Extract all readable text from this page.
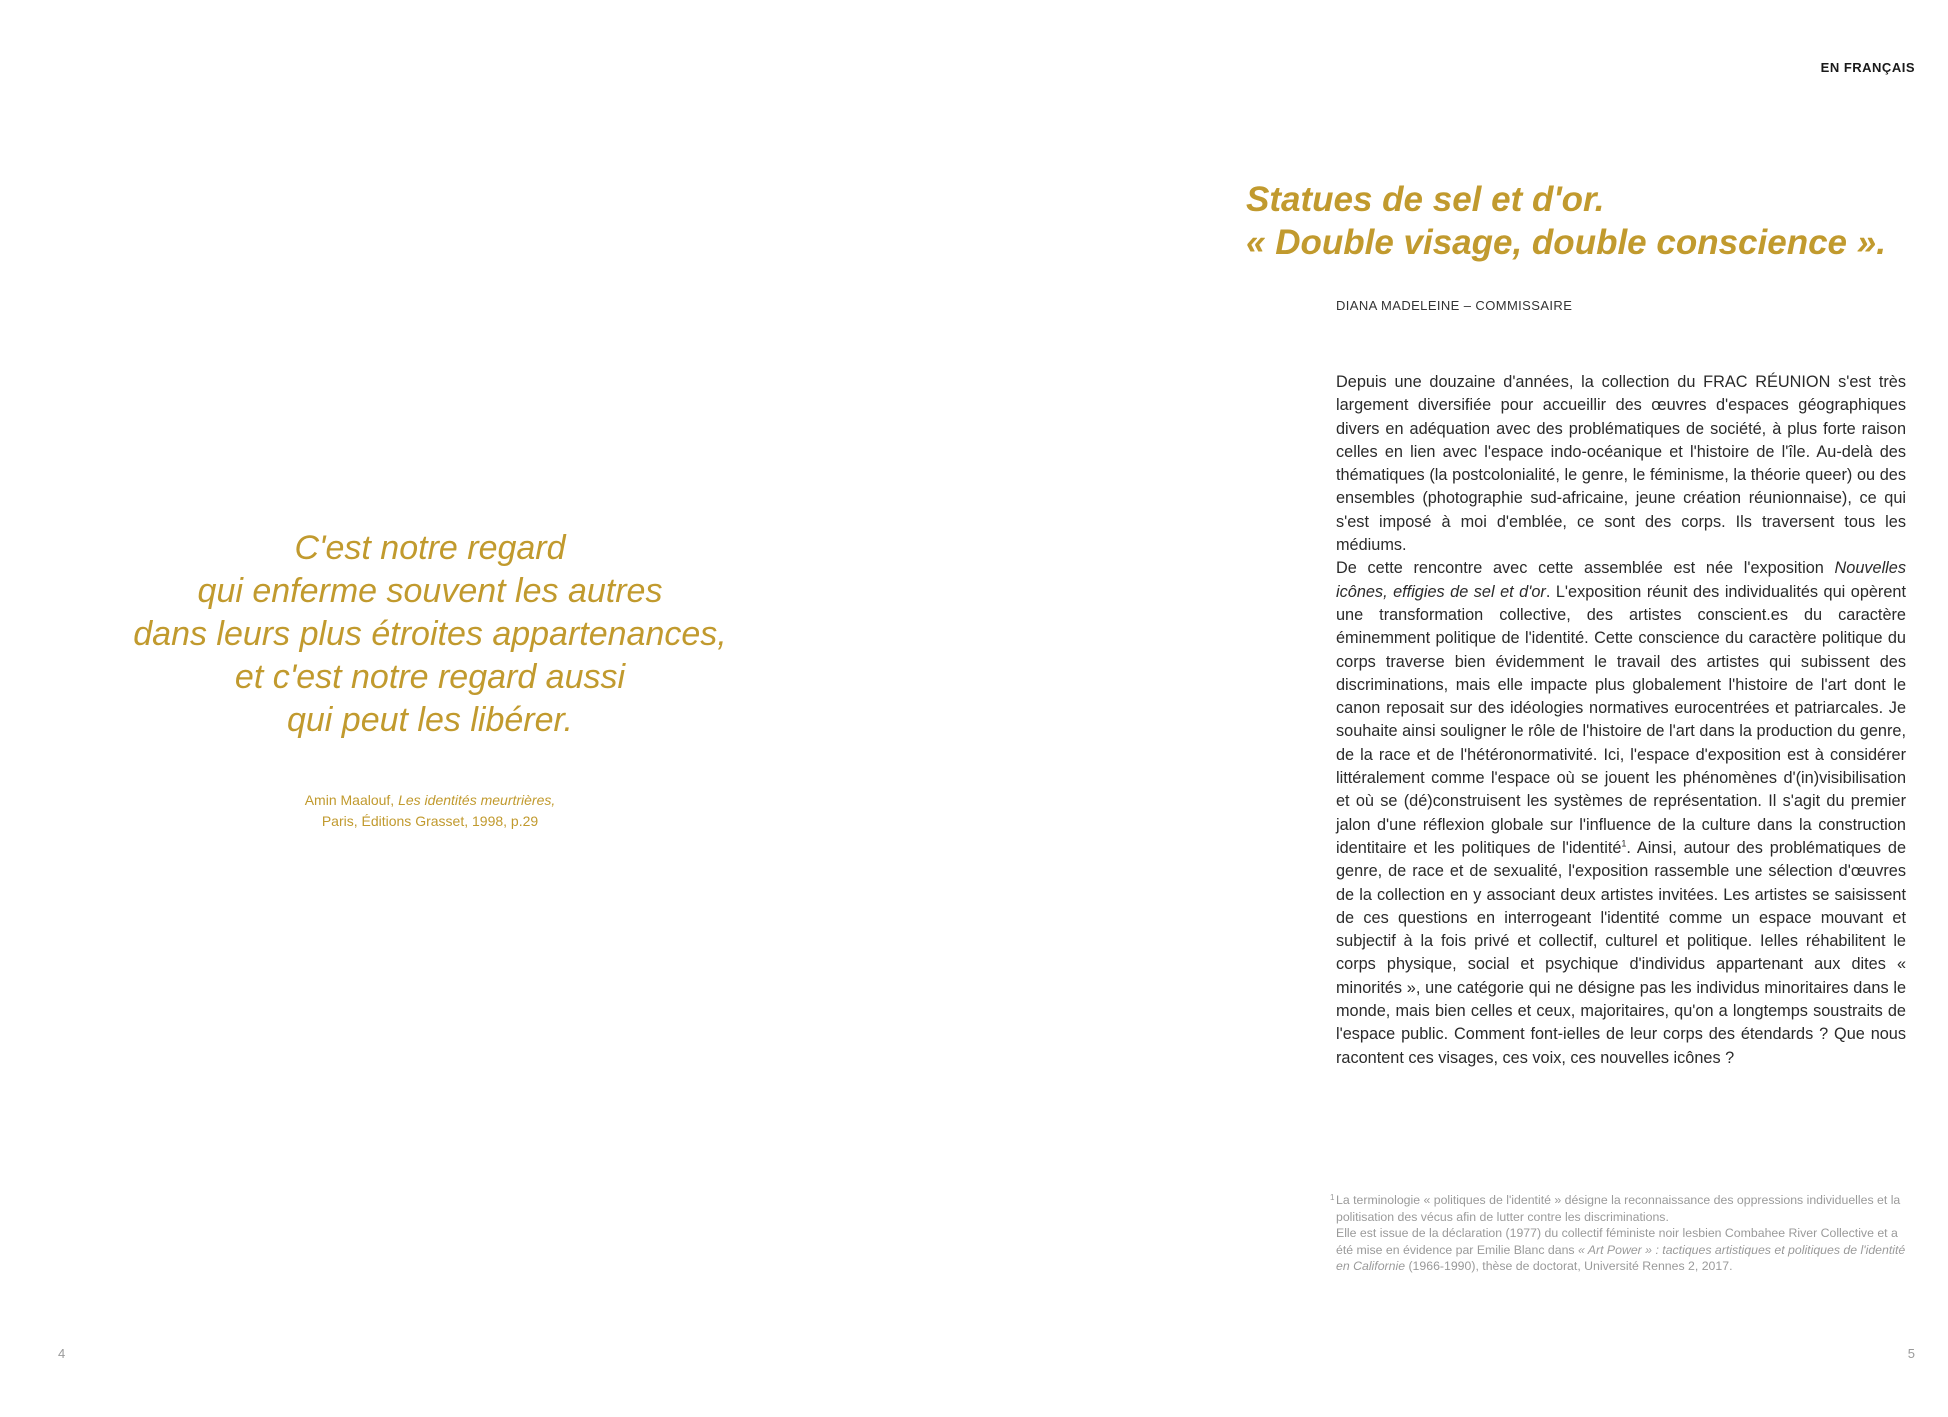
C'est notre regard
qui enferme souvent les autres
dans leurs plus étroites appartenances,
et c'est notre regard aussi
qui peut les libérer.
Amin Maalouf, Les identités meurtrières,
Paris, Éditions Grasset, 1998, p.29
4
EN FRANÇAIS
Statues de sel et d'or.
« Double visage, double conscience ».
DIANA MADELEINE – COMMISSAIRE

Depuis une douzaine d'années, la collection du FRAC RÉUNION s'est très largement diversifiée pour accueillir des œuvres d'espaces géographiques divers en adéquation avec des problématiques de société, à plus forte raison celles en lien avec l'espace indo-océanique et l'histoire de l'île. Au-delà des thématiques (la postcolonialité, le genre, le féminisme, la théorie queer) ou des ensembles (photographie sud-africaine, jeune création réunionnaise), ce qui s'est imposé à moi d'emblée, ce sont des corps. Ils traversent tous les médiums.

De cette rencontre avec cette assemblée est née l'exposition Nouvelles icônes, effigies de sel et d'or. L'exposition réunit des individualités qui opèrent une transformation collective, des artistes conscient.es du caractère éminemment politique de l'identité. Cette conscience du caractère politique du corps traverse bien évidemment le travail des artistes qui subissent des discriminations, mais elle impacte plus globalement l'histoire de l'art dont le canon reposait sur des idéologies normatives eurocentrées et patriarcales. Je souhaite ainsi souligner le rôle de l'histoire de l'art dans la production du genre, de la race et de l'hétéronormativité. Ici, l'espace d'exposition est à considérer littéralement comme l'espace où se jouent les phénomènes d'(in)visibilisation et où se (dé)construisent les systèmes de représentation. Il s'agit du premier jalon d'une réflexion globale sur l'influence de la culture dans la construction identitaire et les politiques de l'identité$^1$. Ainsi, autour des problématiques de genre, de race et de sexualité, l'exposition rassemble une sélection d'œuvres de la collection en y associant deux artistes invitées. Les artistes se saisissent de ces questions en interrogeant l'identité comme un espace mouvant et subjectif à la fois privé et collectif, culturel et politique. Ielles réhabilitent le corps physique, social et psychique d'individus appartenant aux dites « minorités », une catégorie qui ne désigne pas les individus minoritaires dans le monde, mais bien celles et ceux, majoritaires, qu'on a longtemps soustraits de l'espace public. Comment font-ielles de leur corps des étendards ? Que nous racontent ces visages, ces voix, ces nouvelles icônes ?

1 La terminologie « politiques de l'identité » désigne la reconnaissance des oppressions individuelles et la politisation des vécus afin de lutter contre les discriminations.

Elle est issue de la déclaration (1977) du collectif féministe noir lesbien Combahee River Collective et a été mise en évidence par Emilie Blanc dans « Art Power » : tactiques artistiques et politiques de l'identité en Californie (1966-1990), thèse de doctorat, Université Rennes 2, 2017.

5
